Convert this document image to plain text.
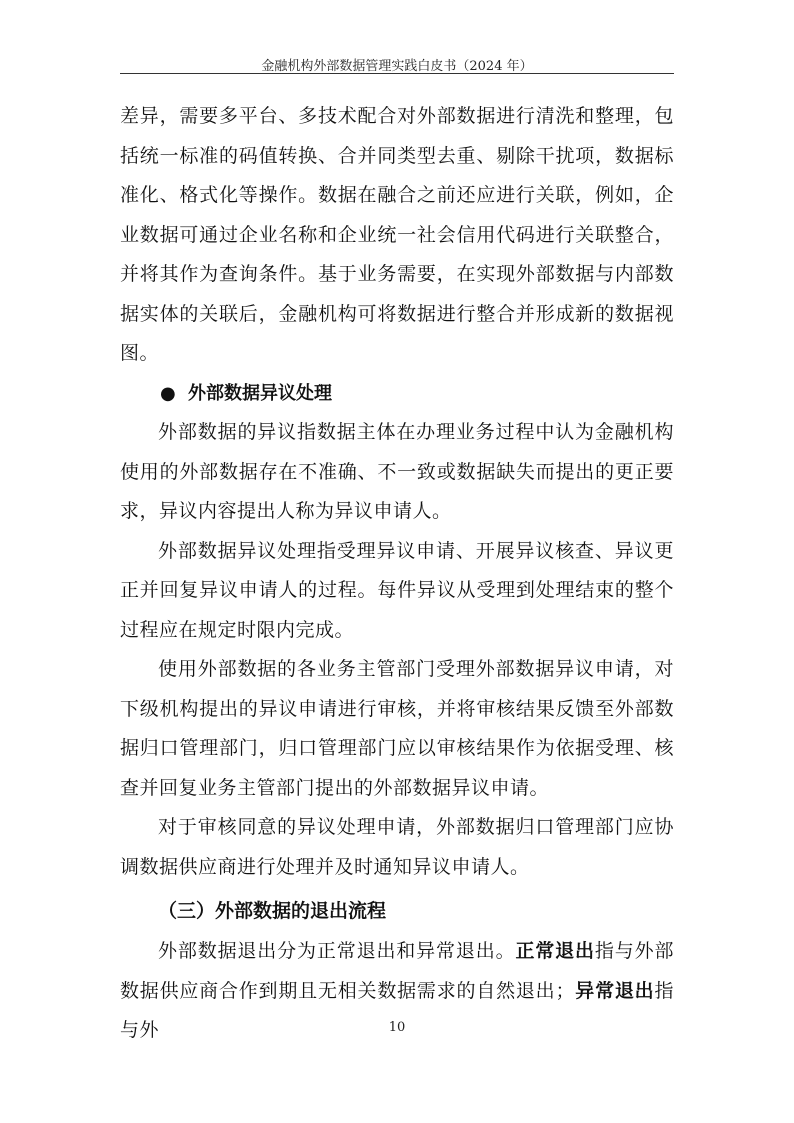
金融机构外部数据管理实践白皮书（2024 年）

差异，需要多平台、多技术配合对外部数据进行清洗和整理，包括统一标准的码值转换、合并同类型去重、剔除干扰项，数据标准化、格式化等操作。数据在融合之前还应进行关联，例如，企业数据可通过企业名称和企业统一社会信用代码进行关联整合，并将其作为查询条件。基于业务需要，在实现外部数据与内部数据实体的关联后，金融机构可将数据进行整合并形成新的数据视图。

● 外部数据异议处理

外部数据的异议指数据主体在办理业务过程中认为金融机构使用的外部数据存在不准确、不一致或数据缺失而提出的更正要求，异议内容提出人称为异议申请人。

外部数据异议处理指受理异议申请、开展异议核查、异议更正并回复异议申请人的过程。每件异议从受理到处理结束的整个过程应在规定时限内完成。

使用外部数据的各业务主管部门受理外部数据异议申请，对下级机构提出的异议申请进行审核，并将审核结果反馈至外部数据归口管理部门，归口管理部门应以审核结果作为依据受理、核查并回复业务主管部门提出的外部数据异议申请。

对于审核同意的异议处理申请，外部数据归口管理部门应协调数据供应商进行处理并及时通知异议申请人。

（三）外部数据的退出流程

外部数据退出分为正常退出和异常退出。正常退出指与外部数据供应商合作到期且无相关数据需求的自然退出；异常退出指与外	10
